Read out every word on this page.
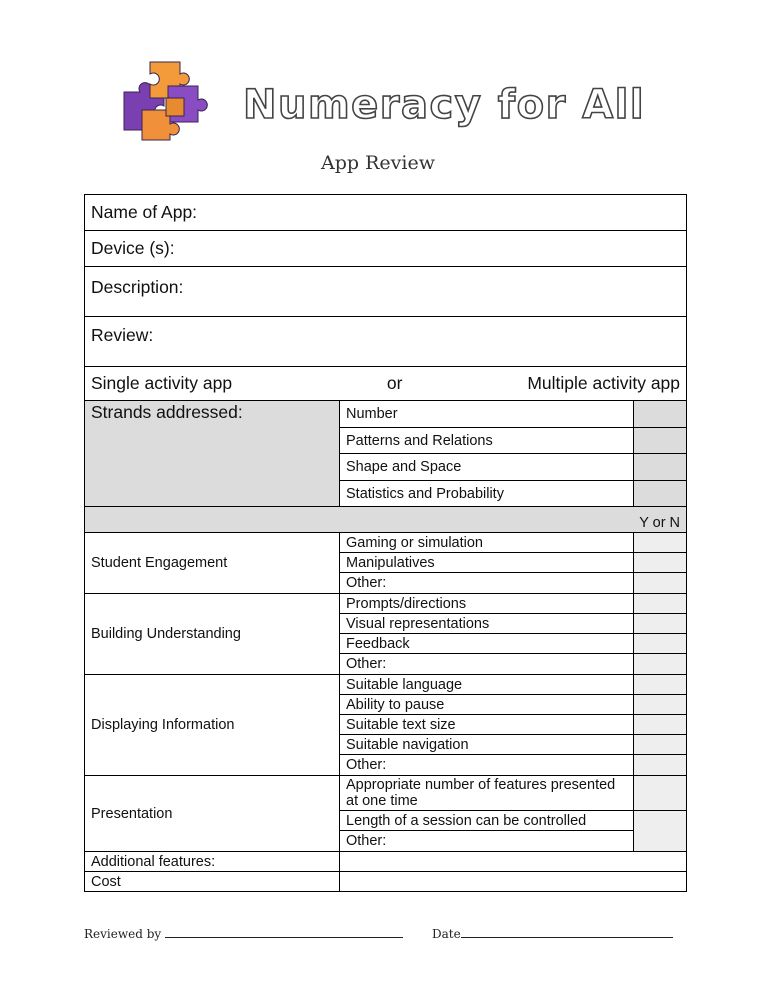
Numeracy for All
App Review
Name of App:		
Device (s):		
Description:		
Review:		

Single activity app or Multiple activity app		

Strands addressed:	Number	
	Patterns and Relations	
	Shape and Space	
	Statistics and Probability	
Y or N		
Student Engagement	Gaming or simulation	
	Manipulatives	
	Other:	
Building Understanding	Prompts/directions	
	Visual representations	
	Feedback	
	Other:	
Displaying Information	Suitable language	
	Ability to pause	
	Suitable text size	
	Suitable navigation	
	Other:	
Presentation	Appropriate number of features presented at one time	
	Length of a session can be controlled	
	Other:	
Additional features:		
Cost		
Reviewed by	Date
